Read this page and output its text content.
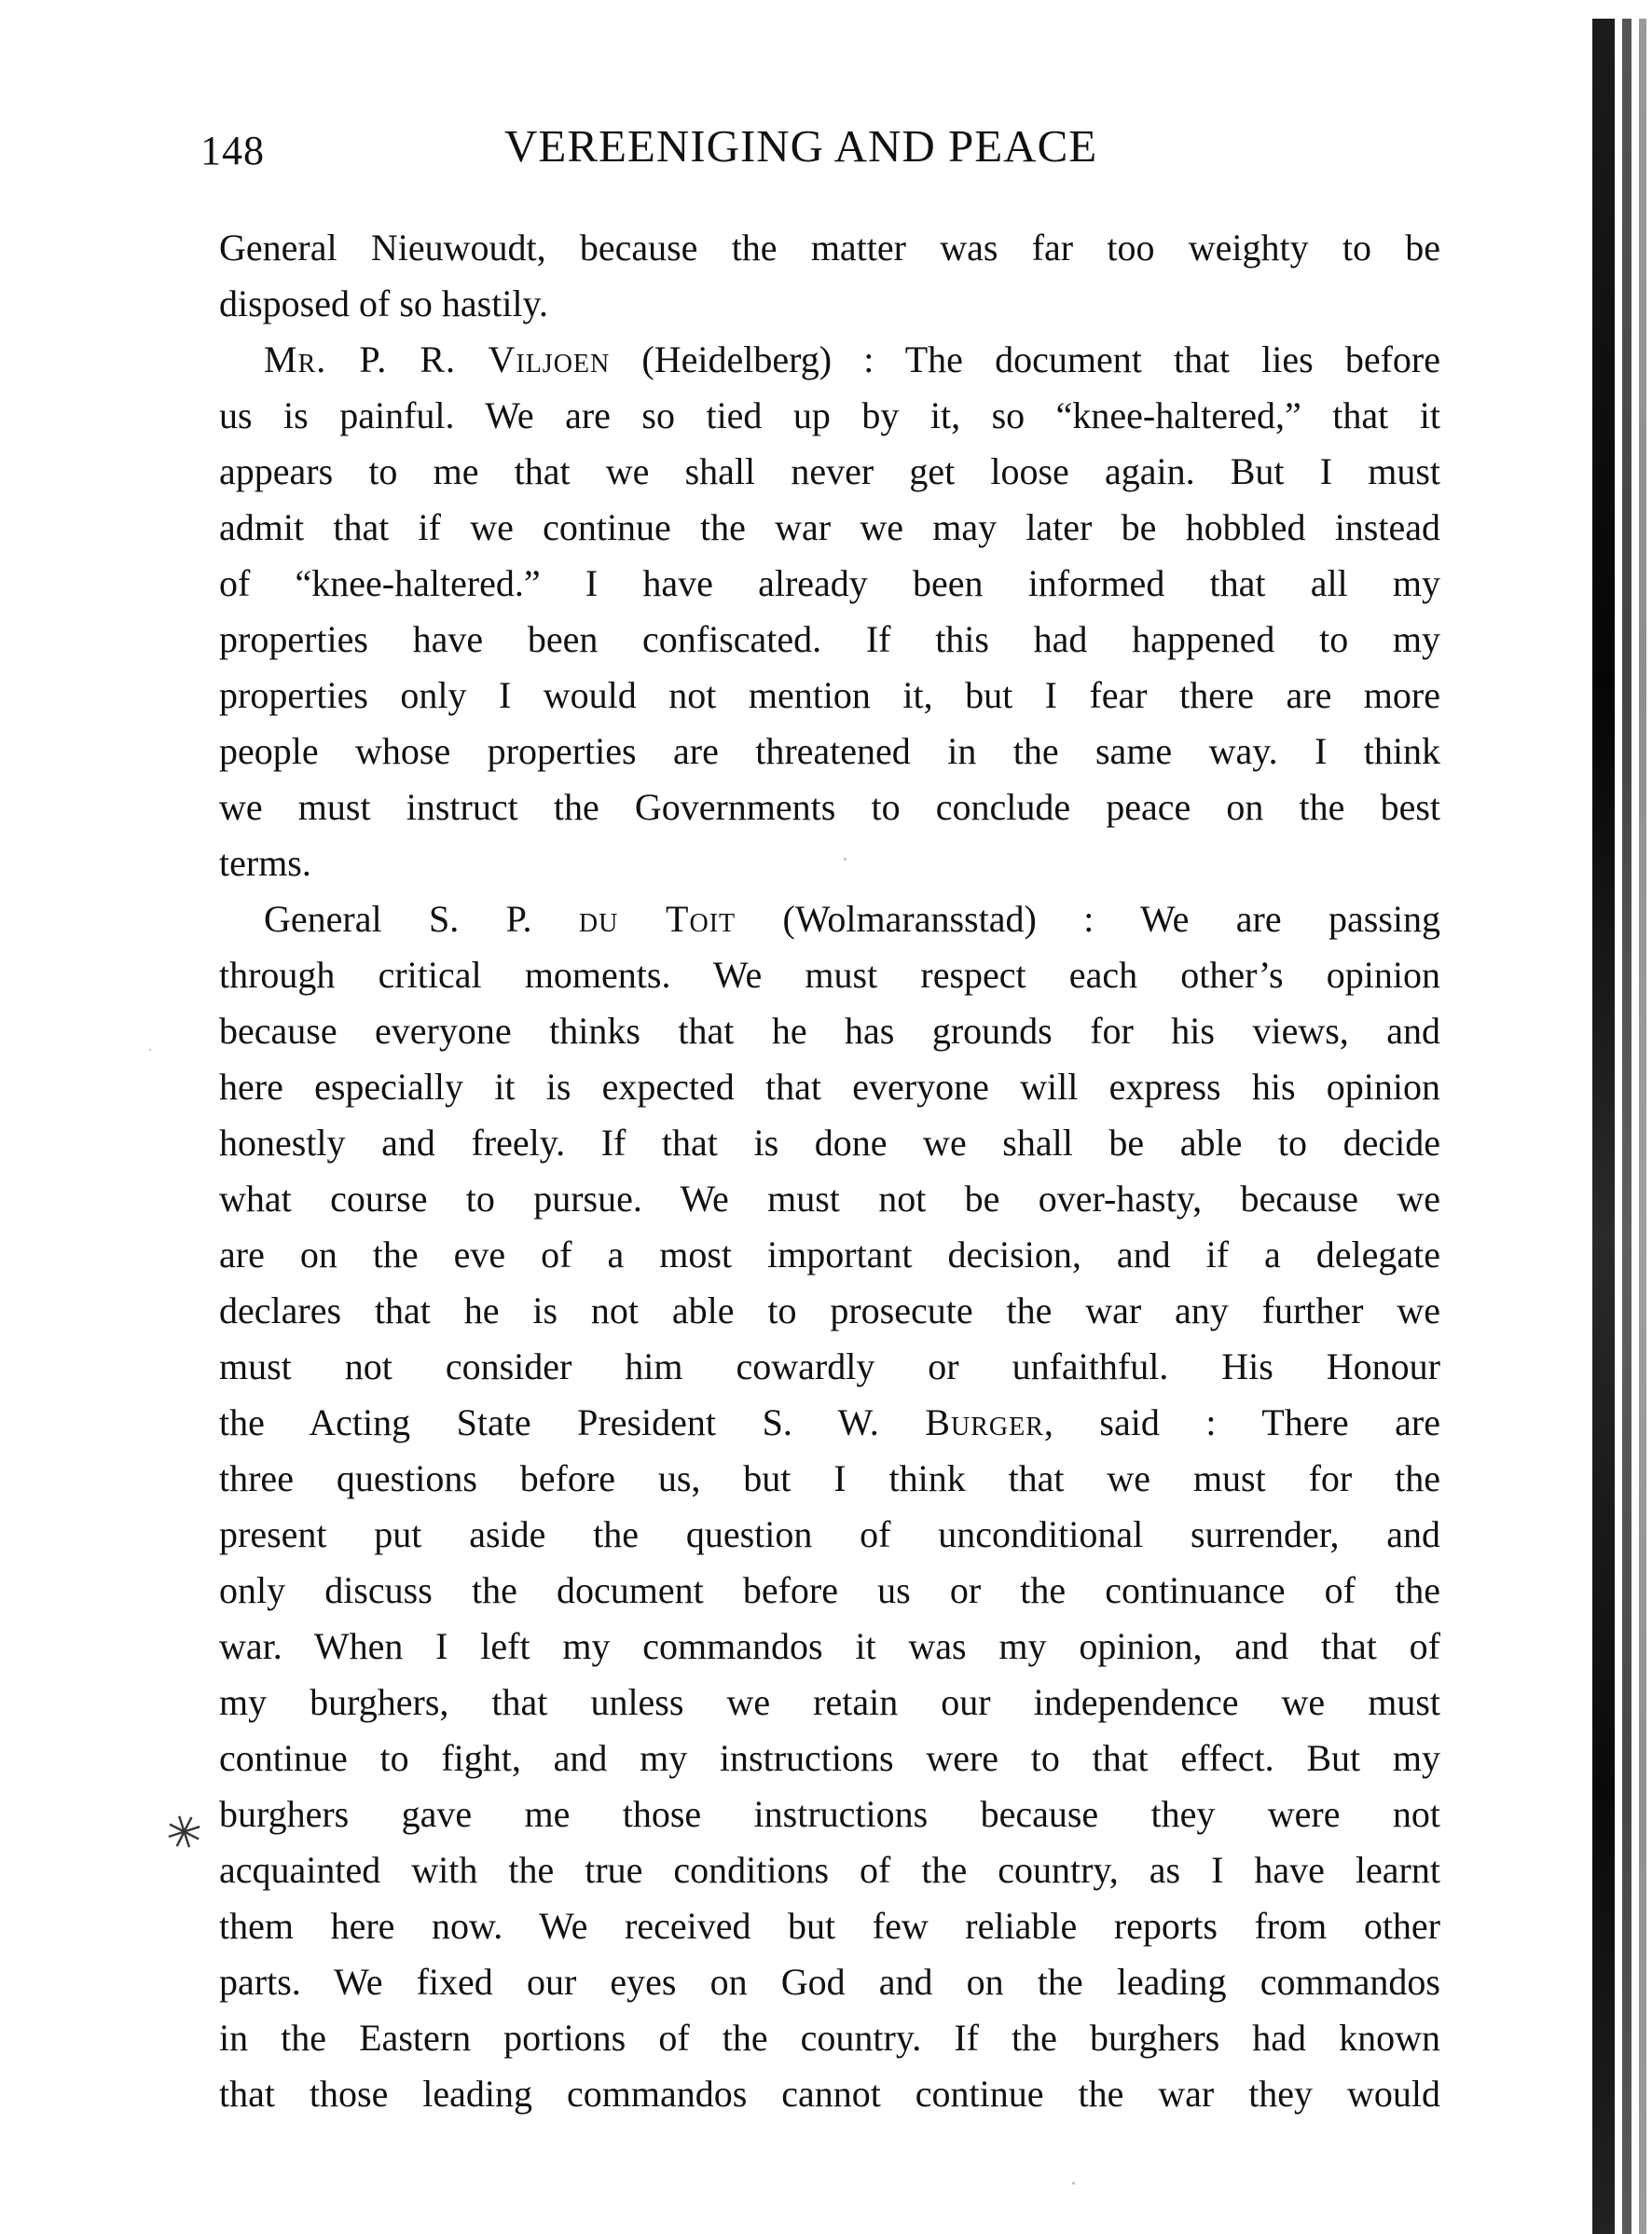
148	VEREENIGING AND PEACE
General Nieuwoudt, because the matter was far too weighty to be
disposed of so hastily.
Mr. P. R. Viljoen (Heidelberg) : The document that lies before
us is painful. We are so tied up by it, so “knee-haltered,” that it
appears to me that we shall never get loose again. But I must
admit that if we continue the war we may later be hobbled instead
of “knee-haltered.” I have already been informed that all my
properties have been confiscated. If this had happened to my
properties only I would not mention it, but I fear there are more
people whose properties are threatened in the same way. I think
we must instruct the Governments to conclude peace on the best
terms.
General S. P. du Toit (Wolmaransstad) : We are passing
through critical moments. We must respect each other’s opinion
because everyone thinks that he has grounds for his views, and
here especially it is expected that everyone will express his opinion
honestly and freely. If that is done we shall be able to decide
what course to pursue. We must not be over-hasty, because we
are on the eve of a most important decision, and if a delegate
declares that he is not able to prosecute the war any further we
must not consider him cowardly or unfaithful. His Honour
the Acting State President S. W. Burger, said : There are
three questions before us, but I think that we must for the
present put aside the question of unconditional surrender, and
only discuss the document before us or the continuance of the
war. When I left my commandos it was my opinion, and that of
my burghers, that unless we retain our independence we must
continue to fight, and my instructions were to that effect. But my
burghers gave me those instructions because they were not
acquainted with the true conditions of the country, as I have learnt
them here now. We received but few reliable reports from other
parts. We fixed our eyes on God and on the leading commandos
in the Eastern portions of the country. If the burghers had known
that those leading commandos cannot continue the war they would
✳
